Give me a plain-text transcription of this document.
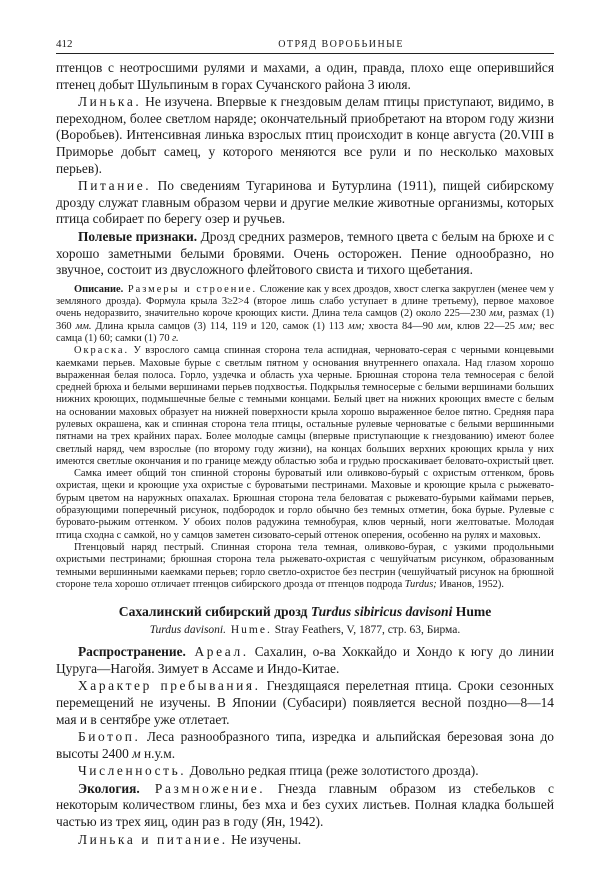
412	ОТРЯД ВОРОБЬИНЫЕ

птенцов с неотросшими рулями и махами, а один, правда, плохо еще оперившийся птенец добыт Шульпиным в горах Сучанского района 3 июля.

Линька. Не изучена. Впервые к гнездовым делам птицы приступают, видимо, в переходном, более светлом наряде; окончательный приобретают на втором году жизни (Воробьев). Интенсивная линька взрослых птиц происходит в конце августа (20.VIII в Приморье добыт самец, у которого меняются все рули и по несколько маховых перьев).

Питание. По сведениям Тугаринова и Бутурлина (1911), пищей сибирскому дрозду служат главным образом черви и другие мелкие животные организмы, которых птица собирает по берегу озер и ручьев.

Полевые признаки. Дрозд средних размеров, темного цвета с белым на брюхе и с хорошо заметными белыми бровями. Очень осторожен. Пение однообразно, но звучное, состоит из двусложного флейтового свиста и тихого щебетания.

Описание. Размеры и строение. Сложение как у всех дроздов, хвост слегка закруглен (менее чем у земляного дрозда). Формула крыла 3≥2>4 (второе лишь слабо уступает в длине третьему), первое маховое очень недоразвито, значительно короче кроющих кисти. Длина тела самцов (2) около 225—230 мм, размах (1) 360 мм. Длина крыла самцов (3) 114, 119 и 120, самок (1) 113 мм; хвоста 84—90 мм, клюв 22—25 мм; вес самца (1) 60; самки (1) 70 г.

Окраска. У взрослого самца спинная сторона тела аспидная, черновато-серая с черными концевыми каемками перьев. Маховые бурые с светлым пятном у основания внутреннего опахала. Над глазом хорошо выраженная белая полоса. Горло, уздечка и область уха черные. Брюшная сторона тела темносерая с белой средней брюха и белыми вершинами перьев подхвостья. Подкрылья темносерые с белыми вершинами больших нижних кроющих, подмышечные белые с темными концами. Белый цвет на нижних кроющих вместе с белым на основании маховых образует на нижней поверхности крыла хорошо выраженное белое пятно. Средняя пара рулевых окрашена, как и спинная сторона тела птицы, остальные рулевые черноватые с белыми вершинными пятнами на трех крайних парах. Более молодые самцы (впервые приступающие к гнездованию) имеют более светлый наряд, чем взрослые (по второму году жизни), на концах больших верхних кроющих крыла у них имеются светлые окончания и по границе между областью зоба и грудью проскакивает беловато-охристый цвет.

Самка имеет общий тон спинной стороны буроватый или оливково-бурый с охристым оттенком, бровь охристая, щеки и кроющие уха охристые с буроватыми пестринами. Маховые и кроющие крыла с рыжевато-бурым цветом на наружных опахалах. Брюшная сторона тела беловатая с рыжевато-бурыми каймами перьев, образующими поперечный рисунок, подбородок и горло обычно без темных отметин, бока бурые. Рулевые с буровато-рыжим оттенком. У обоих полов радужина темнобурая, клюв черный, ноги желтоватые. Молодая птица сходна с самкой, но у самцов заметен сизовато-серый оттенок оперения, особенно на рулях и маховых.

Птенцовый наряд пестрый. Спинная сторона тела темная, оливково-бурая, с узкими продольными охристыми пестринами; брюшная сторона тела рыжевато-охристая с чешуйчатым рисунком, образованным темными вершинными каемками перьев; горло светло-охристое без пестрин (чешуйчатый рисунок на брюшной стороне тела хорошо отличает птенцов сибирского дрозда от птенцов подрода Turdus; Иванов, 1952).

Сахалинский сибирский дрозд Turdus sibiricus davisoni Hume
Turdus davisoni. Hume. Stray Feathers, V, 1877, стр. 63, Бирма.

Распространение. Ареал. Сахалин, о-ва Хоккайдо и Хондо к югу до линии Цуруга—Нагойя. Зимует в Ассаме и Индо-Китае.

Характер пребывания. Гнездящаяся перелетная птица. Сроки сезонных перемещений не изучены. В Японии (Субасири) появляется весной поздно—8—14 мая и в сентябре уже отлетает.

Биотоп. Леса разнообразного типа, изредка и альпийская березовая зона до высоты 2400 м н.у.м.

Численность. Довольно редкая птица (реже золотистого дрозда).

Экология. Размножение. Гнезда главным образом из стебельков с некоторым количеством глины, без мха и без сухих листьев. Полная кладка большей частью из трех яиц, один раз в году (Ян, 1942).

Линька и питание. Не изучены.
